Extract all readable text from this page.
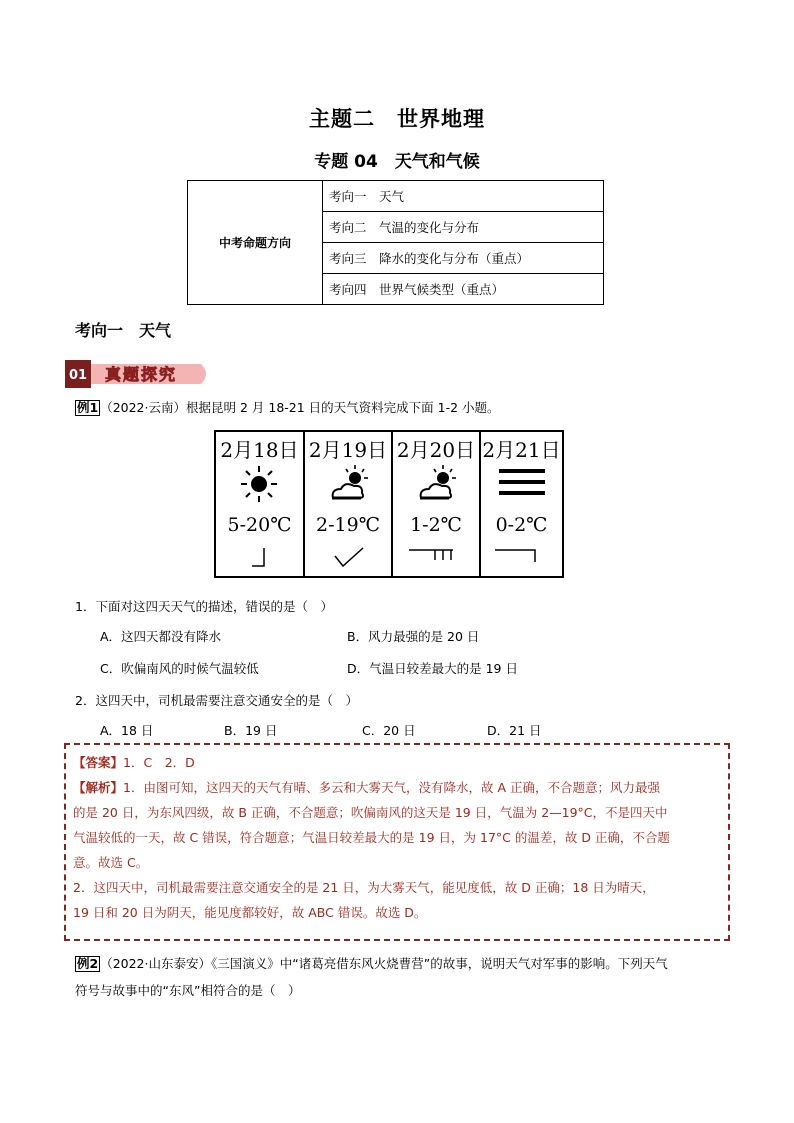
主题二　世界地理
专题 04　天气和气候
中考命题方向	考向一　天气
考向二　气温的变化与分布
考向三　降水的变化与分布（重点）
考向四　世界气候类型（重点）
考向一　天气
01 真题探究
例1 （2022·云南）根据昆明 2 月 18-21 日的天气资料完成下面 1-2 小题。
2月18日
5-20℃
2月19日
2-19℃
2月20日
1-2℃
2月21日
0-2℃
1．下面对这四天天气的描述，错误的是（　）
A．这四天都没有降水	B．风力最强的是 20 日
C．吹偏南风的时候气温较低	D．气温日较差最大的是 19 日
2．这四天中，司机最需要注意交通安全的是（　）
A．18 日	B．19 日	C．20 日	D．21 日
【答案】1．C　2．D
【解析】1．由图可知，这四天的天气有晴、多云和大雾天气，没有降水，故 A 正确，不合题意；风力最强
的是 20 日，为东风四级，故 B 正确，不合题意；吹偏南风的这天是 19 日，气温为 2—19°C，不是四天中
气温较低的一天，故 C 错误，符合题意；气温日较差最大的是 19 日，为 17°C 的温差，故 D 正确，不合题
意。故选 C。
2．这四天中，司机最需要注意交通安全的是 21 日，为大雾天气，能见度低，故 D 正确；18 日为晴天，
19 日和 20 日为阴天，能见度都较好，故 ABC 错误。故选 D。
例2 （2022·山东泰安）《三国演义》中“诸葛亮借东风火烧曹营”的故事，说明天气对军事的影响。下列天气
符号与故事中的“东风”相符合的是（　）
